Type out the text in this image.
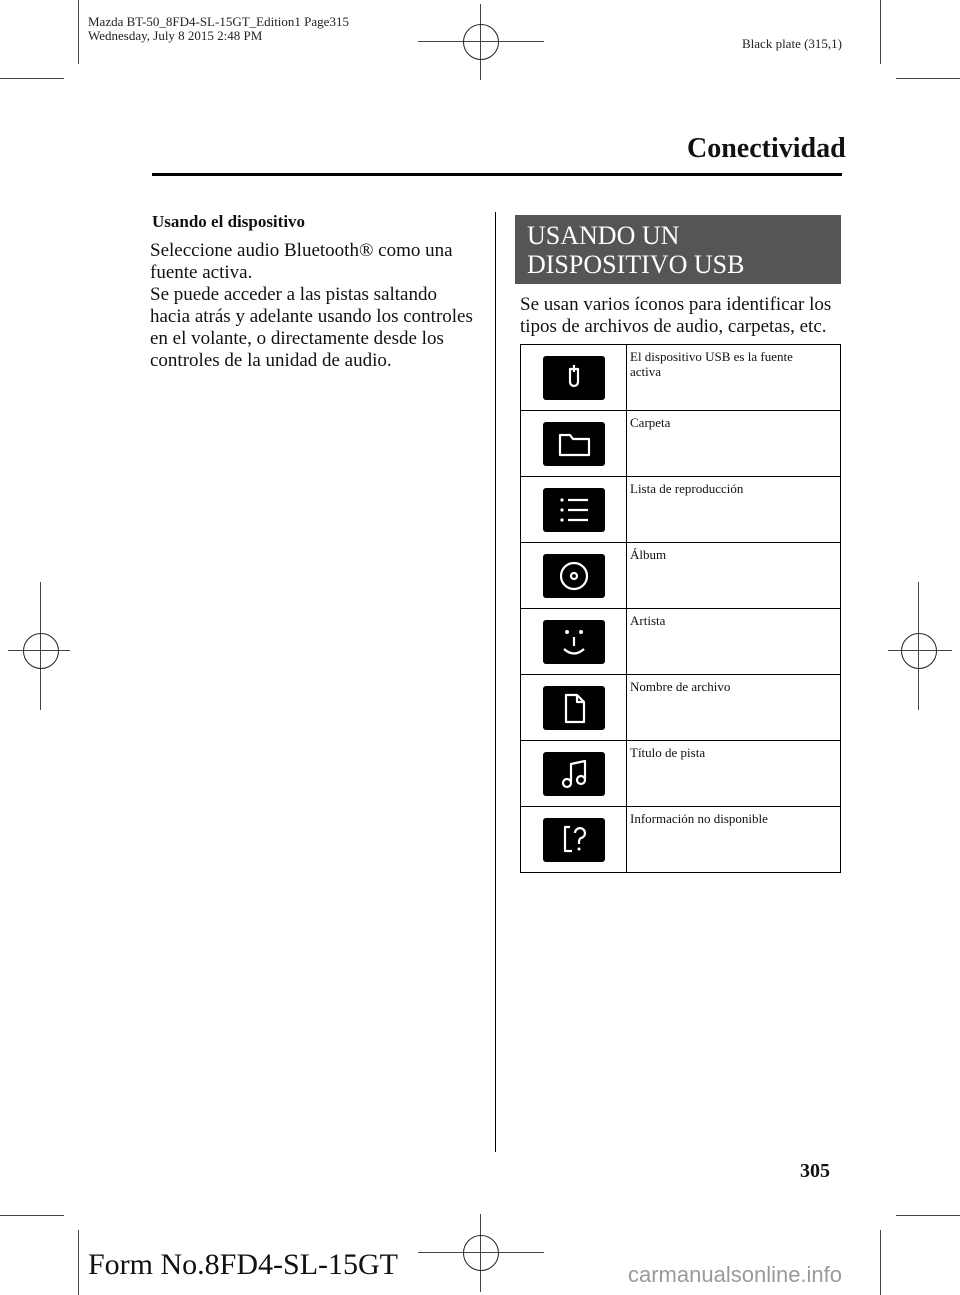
Mazda BT-50_8FD4-SL-15GT_Edition1 Page315
Wednesday, July 8 2015 2:48 PM
Black plate (315,1)
Conectividad
Usando el dispositivo
Seleccione audio Bluetooth® como una
fuente activa.
Se puede acceder a las pistas saltando
hacia atrás y adelante usando los controles
en el volante, o directamente desde los
controles de la unidad de audio.
USANDO UN
DISPOSITIVO USB
Se usan varios íconos para identificar los
tipos de archivos de audio, carpetas, etc.

El dispositivo USB es la fuente
activa

Carpeta

Lista de reproducción

Álbum

Artista

Nombre de archivo

Título de pista

Información no disponible
305
Form No.8FD4-SL-15GT	carmanualsonline.info
